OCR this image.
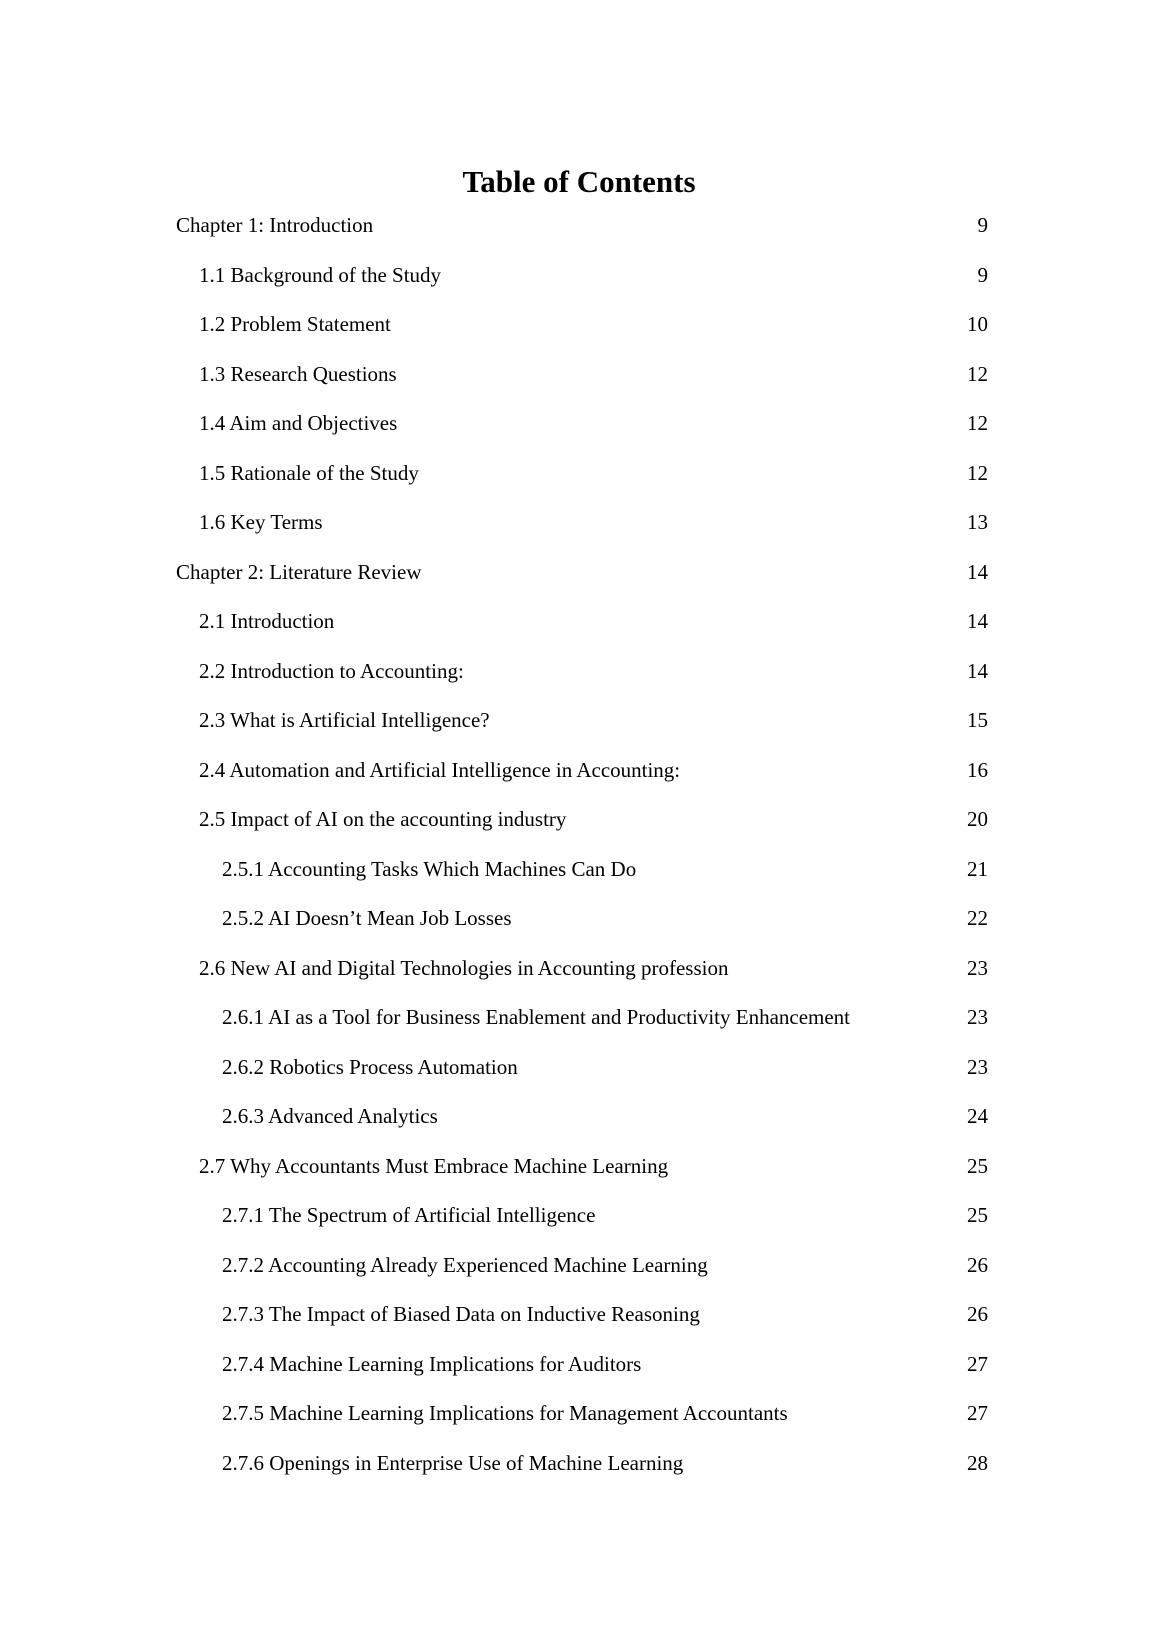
Table of Contents
Chapter 1: Introduction	9
1.1 Background of the Study	9
1.2 Problem Statement	10
1.3 Research Questions	12
1.4 Aim and Objectives	12
1.5 Rationale of the Study	12
1.6 Key Terms	13
Chapter 2: Literature Review	14
2.1 Introduction	14
2.2 Introduction to Accounting:	14
2.3 What is Artificial Intelligence?	15
2.4 Automation and Artificial Intelligence in Accounting:	16
2.5 Impact of AI on the accounting industry	20
2.5.1 Accounting Tasks Which Machines Can Do	21
2.5.2 AI Doesn’t Mean Job Losses	22
2.6 New AI and Digital Technologies in Accounting profession	23
2.6.1 AI as a Tool for Business Enablement and Productivity Enhancement	23
2.6.2 Robotics Process Automation	23
2.6.3 Advanced Analytics	24
2.7 Why Accountants Must Embrace Machine Learning	25
2.7.1 The Spectrum of Artificial Intelligence	25
2.7.2 Accounting Already Experienced Machine Learning	26
2.7.3 The Impact of Biased Data on Inductive Reasoning	26
2.7.4 Machine Learning Implications for Auditors	27
2.7.5 Machine Learning Implications for Management Accountants	27
2.7.6 Openings in Enterprise Use of Machine Learning	28
